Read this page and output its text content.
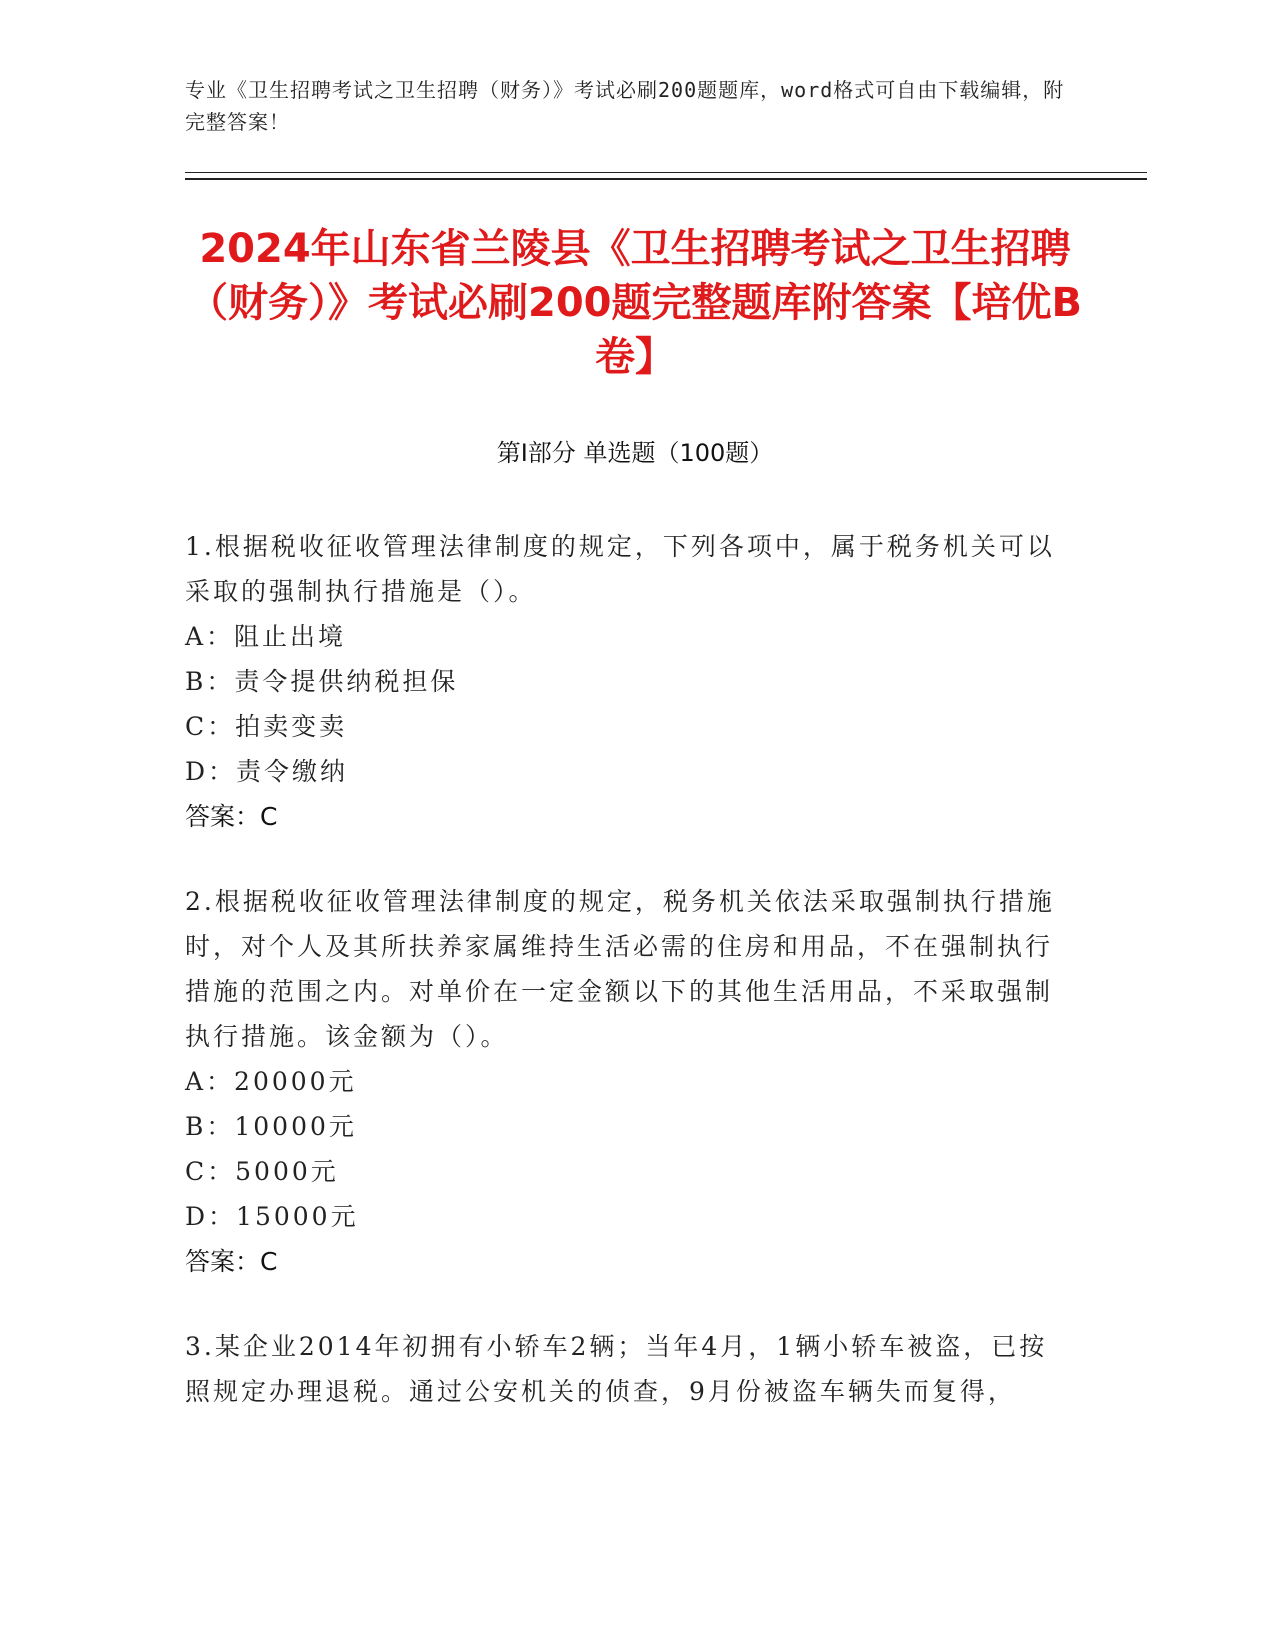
专业《卫生招聘考试之卫生招聘（财务）》考试必刷200题题库，word格式可自由下载编辑，附完整答案！
2024年山东省兰陵县《卫生招聘考试之卫生招聘（财务）》考试必刷200题完整题库附答案【培优B卷】
第Ⅰ部分 单选题（100题）
1.根据税收征收管理法律制度的规定，下列各项中，属于税务机关可以采取的强制执行措施是（）。
A：阻止出境
B：责令提供纳税担保
C：拍卖变卖
D：责令缴纳
答案：C
2.根据税收征收管理法律制度的规定，税务机关依法采取强制执行措施时，对个人及其所扶养家属维持生活必需的住房和用品，不在强制执行措施的范围之内。对单价在一定金额以下的其他生活用品，不采取强制执行措施。该金额为（）。
A：20000元
B：10000元
C：5000元
D：15000元
答案：C
3.某企业2014年初拥有小轿车2辆；当年4月，1辆小轿车被盗，已按照规定办理退税。通过公安机关的侦查，9月份被盗车辆失而复得，
